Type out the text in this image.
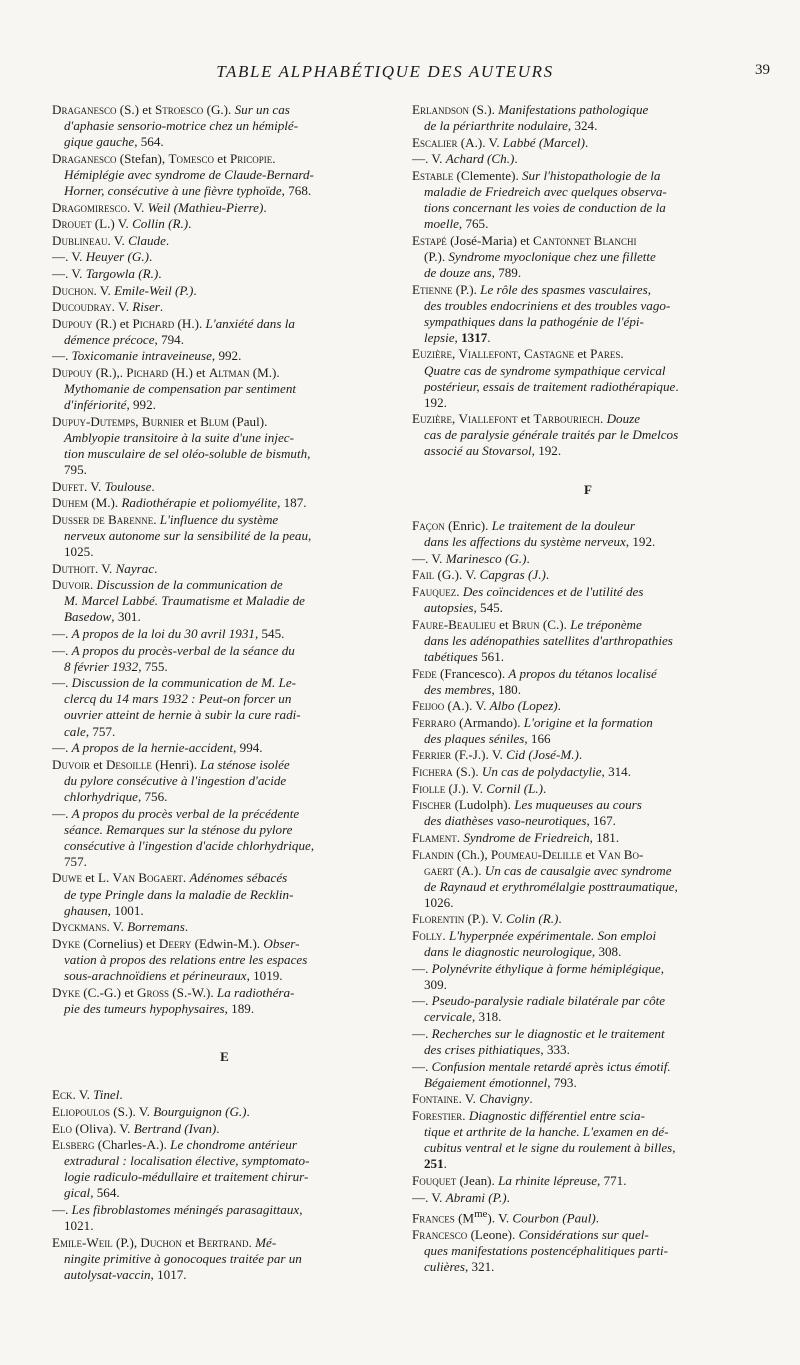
TABLE ALPHABÉTIQUE DES AUTEURS	39
Draganesco (S.) et Stroesco (G.). Sur un cas
d'aphasie sensorio-motrice chez un hémiplé-
gique gauche, 564.
Draganesco (Stefan), Tomesco et Pricopie.
Hémiplégie avec syndrome de Claude-Bernard-
Horner, consécutive à une fièvre typhoïde, 768.
Dragomiresco. V. Weil (Mathieu-Pierre).
Drouet (L.) V. Collin (R.).
Dublineau. V. Claude.
—. V. Heuyer (G.).
—. V. Targowla (R.).
Duchon. V. Emile-Weil (P.).
Ducoudray. V. Riser.
Dupouy (R.) et Pichard (H.). L'anxiété dans la
démence précoce, 794.
—. Toxicomanie intraveineuse, 992.
Dupouy (R.),. Pichard (H.) et Altman (M.).
Mythomanie de compensation par sentiment
d'infériorité, 992.
Dupuy-Dutemps, Burnier et Blum (Paul).
Amblyopie transitoire à la suite d'une injec-
tion musculaire de sel oléo-soluble de bismuth,
795.
Dufet. V. Toulouse.
Duhem (M.). Radiothérapie et poliomyélite, 187.
Dusser de Barenne. L'influence du système
nerveux autonome sur la sensibilité de la peau,
1025.
Duthoit. V. Nayrac.
Duvoir. Discussion de la communication de
M. Marcel Labbé. Traumatisme et Maladie de
Basedow, 301.
—. A propos de la loi du 30 avril 1931, 545.
—. A propos du procès-verbal de la séance du
8 février 1932, 755.
—. Discussion de la communication de M. Le-
clercq du 14 mars 1932 : Peut-on forcer un
ouvrier atteint de hernie à subir la cure radi-
cale, 757.
—. A propos de la hernie-accident, 994.
Duvoir et Desoille (Henri). La sténose isolée
du pylore consécutive à l'ingestion d'acide
chlorhydrique, 756.
—. A propos du procès verbal de la précédente
séance. Remarques sur la sténose du pylore
consécutive à l'ingestion d'acide chlorhydrique,
757.
Duwe et L. Van Bogaert. Adénomes sébacés
de type Pringle dans la maladie de Recklin-
ghausen, 1001.
Dyckmans. V. Borremans.
Dyke (Cornelius) et Deery (Edwin-M.). Obser-
vation à propos des relations entre les espaces
sous-arachnoïdiens et périneuraux, 1019.
Dyke (C.-G.) et Gross (S.-W.). La radiothéra-
pie des tumeurs hypophysaires, 189.
E
Eck. V. Tinel.
Eliopoulos (S.). V. Bourguignon (G.).
Elo (Oliva). V. Bertrand (Ivan).
Elsberg (Charles-A.). Le chondrome antérieur
extradural : localisation élective, symptomato-
logie radiculo-médullaire et traitement chirur-
gical, 564.
—. Les fibroblastomes méningés parasagittaux,
1021.
Emile-Weil (P.), Duchon et Bertrand. Mé-
ningite primitive à gonocoques traitée par un
autolysat-vaccin, 1017.
Erlandson (S.). Manifestations pathologique
de la périarthrite nodulaire, 324.
Escalier (A.). V. Labbé (Marcel).
—. V. Achard (Ch.).
Estable (Clemente). Sur l'histopathologie de la
maladie de Friedreich avec quelques observa-
tions concernant les voies de conduction de la
moelle, 765.
Estapé (José-Maria) et Cantonnet Blanchi
(P.). Syndrome myoclonique chez une fillette
de douze ans, 789.
Etienne (P.). Le rôle des spasmes vasculaires,
des troubles endocriniens et des troubles vago-
sympathiques dans la pathogénie de l'épi-
lepsie, 1317.
Euzière, Viallefont, Castagne et Pares.
Quatre cas de syndrome sympathique cervical
postérieur, essais de traitement radiothérapique.
192.
Euzière, Viallefont et Tarbouriech. Douze
cas de paralysie générale traités par le Dmelcos
associé au Stovarsol, 192.
F
Façon (Enric). Le traitement de la douleur
dans les affections du système nerveux, 192.
—. V. Marinesco (G.).
Fail (G.). V. Capgras (J.).
Fauquez. Des coïncidences et de l'utilité des
autopsies, 545.
Faure-Beaulieu et Brun (C.). Le tréponème
dans les adénopathies satellites d'arthropathies
tabétiques 561.
Fede (Francesco). A propos du tétanos localisé
des membres, 180.
Feijoo (A.). V. Albo (Lopez).
Ferraro (Armando). L'origine et la formation
des plaques séniles, 166
Ferrier (F.-J.). V. Cid (José-M.).
Fichera (S.). Un cas de polydactylie, 314.
Fiolle (J.). V. Cornil (L.).
Fischer (Ludolph). Les muqueuses au cours
des diathèses vaso-neurotiques, 167.
Flament. Syndrome de Friedreich, 181.
Flandin (Ch.), Poumeau-Delille et Van Bo-
gaert (A.). Un cas de causalgie avec syndrome
de Raynaud et erythromélalgie posttraumatique,
1026.
Florentin (P.). V. Colin (R.).
Folly. L'hyperpnée expérimentale. Son emploi
dans le diagnostic neurologique, 308.
—. Polynévrite éthylique à forme hémiplégique,
309.
—. Pseudo-paralysie radiale bilatérale par côte
cervicale, 318.
—. Recherches sur le diagnostic et le traitement
des crises pithiatiques, 333.
—. Confusion mentale retardé après ictus émotif.
Bégaiement émotionnel, 793.
Fontaine. V. Chavigny.
Forestier. Diagnostic différentiel entre scia-
tique et arthrite de la hanche. L'examen en dé-
cubitus ventral et le signe du roulement à billes,
251.
Fouquet (Jean). La rhinite lépreuse, 771.
—. V. Abrami (P.).
Frances $(M^{me})$. V. Courbon (Paul).
Francesco (Leone). Considérations sur quel-
ques manifestations postencéphalitiques parti-
culières, 321.
